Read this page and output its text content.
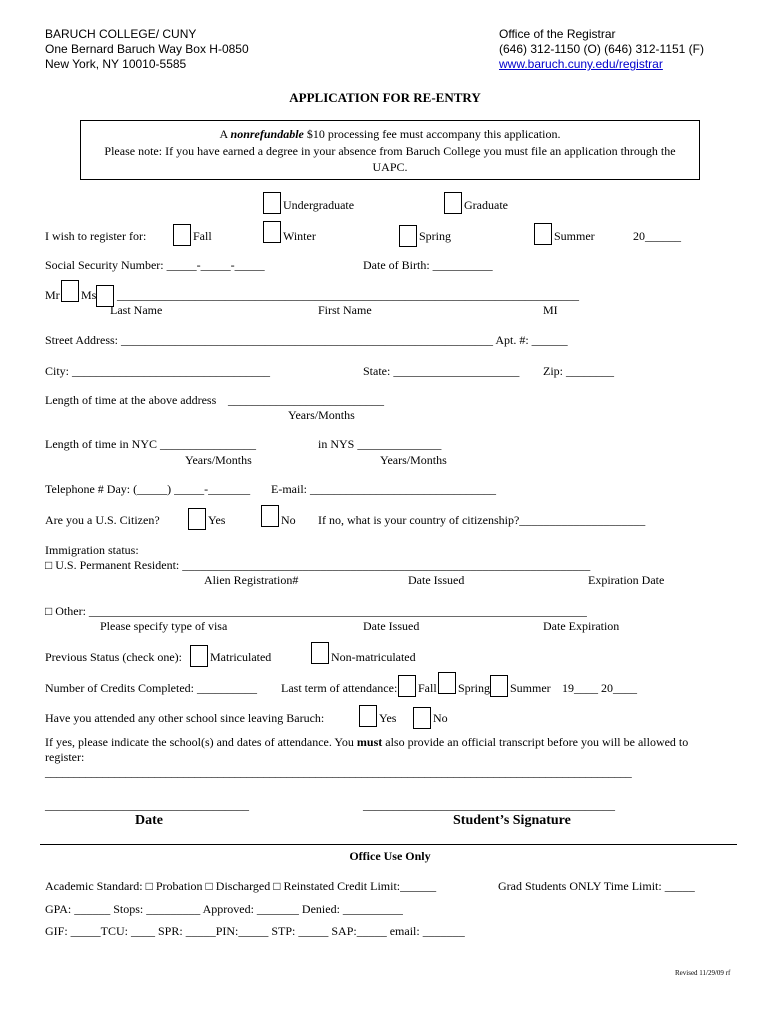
BARUCH COLLEGE/ CUNY
One Bernard Baruch Way Box H-0850
New York, NY 10010-5585
Office of the Registrar
(646) 312-1150 (O) (646) 312-1151 (F)
www.baruch.cuny.edu/registrar
APPLICATION FOR RE-ENTRY
A nonrefundable $10 processing fee must accompany this application.
Please note: If you have earned a degree in your absence from Baruch College you must file an application through the
UAPC.
Undergraduate	Graduate
I wish to register for:	Fall	Winter	Spring	Summer	20______
Social Security Number: _____-_____-_____	Date of Birth: __________
Mr Ms _____________________________________________________________________________
Last Name	First Name	MI
Street Address: ______________________________________________________________ Apt. #: ______
City: _________________________________	State: _____________________ Zip: ________
Length of time at the above address __________________________
Years/Months
Length of time in NYC ________________	in NYS ______________
Years/Months	Years/Months
Telephone # Day: (_____) _____-_______ E-mail: _______________________________
Are you a U.S. Citizen?	Yes	No If no, what is your country of citizenship?_____________________
Immigration status:
□ U.S. Permanent Resident: ____________________________________________________________________
Alien Registration#	Date Issued	Expiration Date
□ Other: ___________________________________________________________________________________
Please specify type of visa	Date Issued	Date Expiration
Previous Status (check one): Matriculated	Non-matriculated
Number of Credits Completed: __________ Last term of attendance: Fall Spring Summer 19____ 20____
Have you attended any other school since leaving Baruch:	Yes	No
If yes, please indicate the school(s) and dates of attendance. You must also provide an official transcript before you will be allowed to
register:
______________________________________________________________________________________________________
__________________________________	__________________________________________
Date	Student’s Signature
Office Use Only
Academic Standard: □ Probation □ Discharged □ Reinstated Credit Limit:______	Grad Students ONLY Time Limit: _____
GPA: ______ Stops: _________ Approved: _______ Denied: __________
GIF: _____TCU: ____ SPR: _____PIN:_____ STP: _____ SAP:_____ email: _______
Revised 11/29/09 rf
